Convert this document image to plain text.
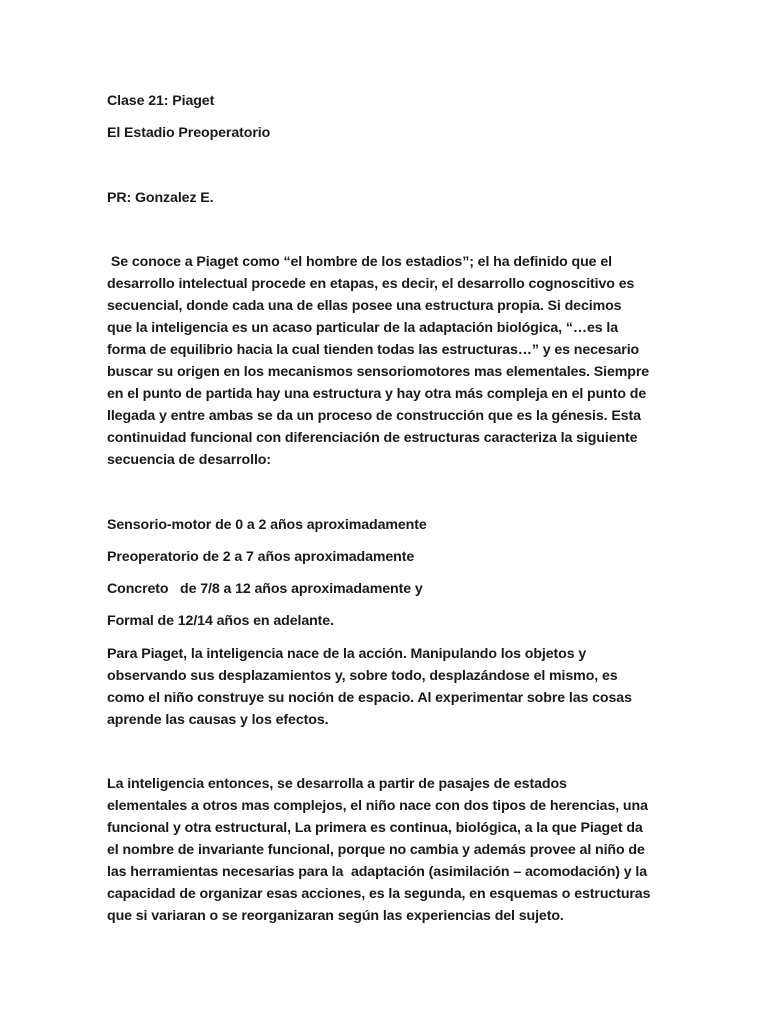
Clase 21: Piaget
El Estadio Preoperatorio
PR: Gonzalez E.
Se conoce a Piaget como “el hombre de los estadios”; el ha definido que el
desarrollo intelectual procede en etapas, es decir, el desarrollo cognoscitivo es
secuencial, donde cada una de ellas posee una estructura propia. Si decimos
que la inteligencia es un acaso particular de la adaptación biológica, “…es la
forma de equilibrio hacia la cual tienden todas las estructuras…” y es necesario
buscar su origen en los mecanismos sensoriomotores mas elementales. Siempre
en el punto de partida hay una estructura y hay otra más compleja en el punto de
llegada y entre ambas se da un proceso de construcción que es la génesis. Esta
continuidad funcional con diferenciación de estructuras caracteriza la siguiente
secuencia de desarrollo:
Sensorio-motor de 0 a 2 años aproximadamente
Preoperatorio de 2 a 7 años aproximadamente
Concreto   de 7/8 a 12 años aproximadamente y
Formal de 12/14 años en adelante.
Para Piaget, la inteligencia nace de la acción. Manipulando los objetos y
observando sus desplazamientos y, sobre todo, desplazándose el mismo, es
como el niño construye su noción de espacio. Al experimentar sobre las cosas
aprende las causas y los efectos.
La inteligencia entonces, se desarrolla a partir de pasajes de estados
elementales a otros mas complejos, el niño nace con dos tipos de herencias, una
funcional y otra estructural, La primera es continua, biológica, a la que Piaget da
el nombre de invariante funcional, porque no cambia y además provee al niño de
las herramientas necesarias para la  adaptación (asimilación – acomodación) y la
capacidad de organizar esas acciones, es la segunda, en esquemas o estructuras
que si variaran o se reorganizaran según las experiencias del sujeto.
